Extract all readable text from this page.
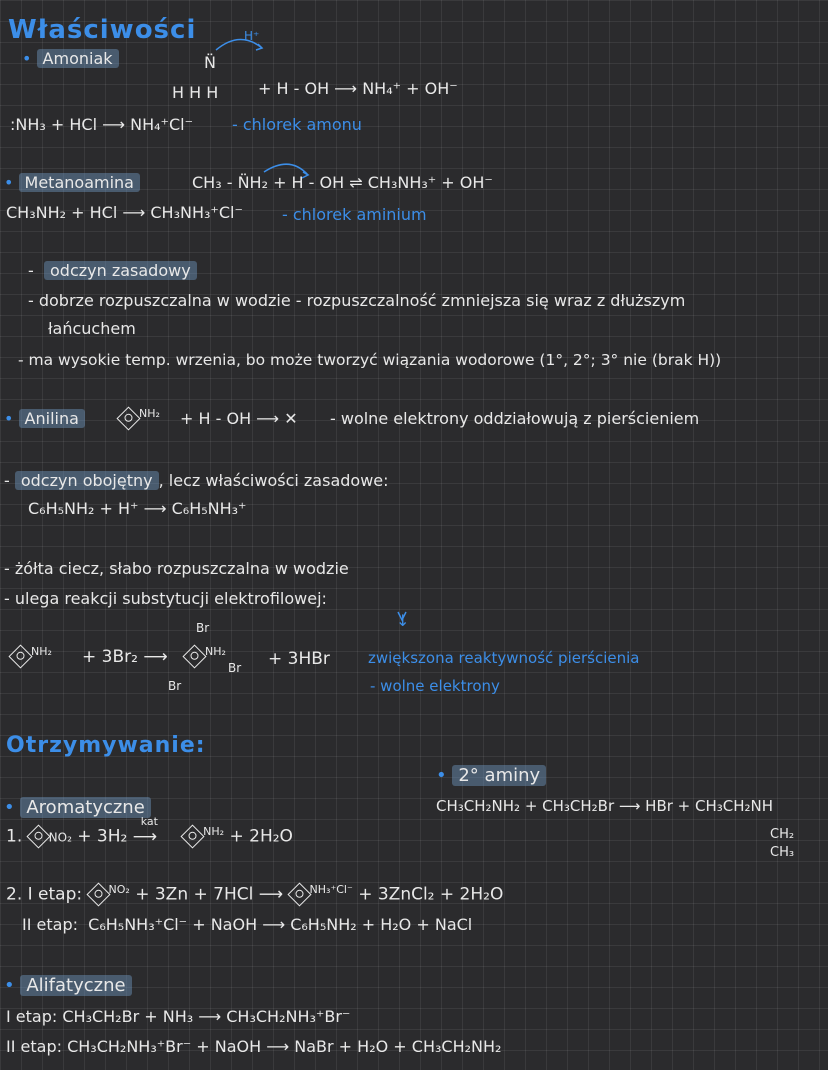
Właściwości
• Amoniak
H⁺
N̈
H H H + H - OH ⟶ NH₄⁺ + OH⁻
:NH₃ + HCl ⟶ NH₄⁺Cl⁻ - chlorek amonu
• Metanoamina	CH₃ - N̈H₂ + H - OH ⇌ CH₃NH₃⁺ + OH⁻
CH₃NH₂ + HCl ⟶ CH₃NH₃⁺Cl⁻ - chlorek aminium
-	odczyn zasadowy
- dobrze rozpuszczalna w wodzie - rozpuszczalność zmniejsza się wraz z dłuższym
łańcuchem
- ma wysokie temp. wrzenia, bo może tworzyć wiązania wodorowe (1°, 2°; 3° nie (brak H))
• Anilina	$^{NH_2}$ + H - OH ⟶ ✕ - wolne elektrony oddziałowują z pierścieniem
- odczyn obojętny , lecz właściwości zasadowe:
C₆H₅NH₂ + H⁺ ⟶ C₆H₅NH₃⁺
- żółta ciecz, słabo rozpuszczalna w wodzie
- ulega reakcji substytucji elektrofilowej:
↓
$^{NH_2}$ + 3Br₂ ⟶
Br
$^{NH_2}$
Br
Br
+ 3HBr	zwiększona reaktywność pierścienia
- wolne elektrony
Otrzymywanie:
• 2° aminy
CH₃CH₂NH₂ + CH₃CH₂Br ⟶ HBr + CH₃CH₂NH
CH₂
CH₃
• Aromatyczne
1. NO₂ + 3H₂
kat
⟶	$^{NH_2}$ + 2H₂O
2. I etap: $^{NO_2}$ + 3Zn + 7HCl ⟶ $^{NH_3^+Cl^-}$ + 3ZnCl₂ + 2H₂O
II etap: C₆H₅NH₃⁺Cl⁻ + NaOH ⟶ C₆H₅NH₂ + H₂O + NaCl
• Alifatyczne
I etap: CH₃CH₂Br + NH₃ ⟶ CH₃CH₂NH₃⁺Br⁻
II etap: CH₃CH₂NH₃⁺Br⁻ + NaOH ⟶ NaBr + H₂O + CH₃CH₂NH₂
